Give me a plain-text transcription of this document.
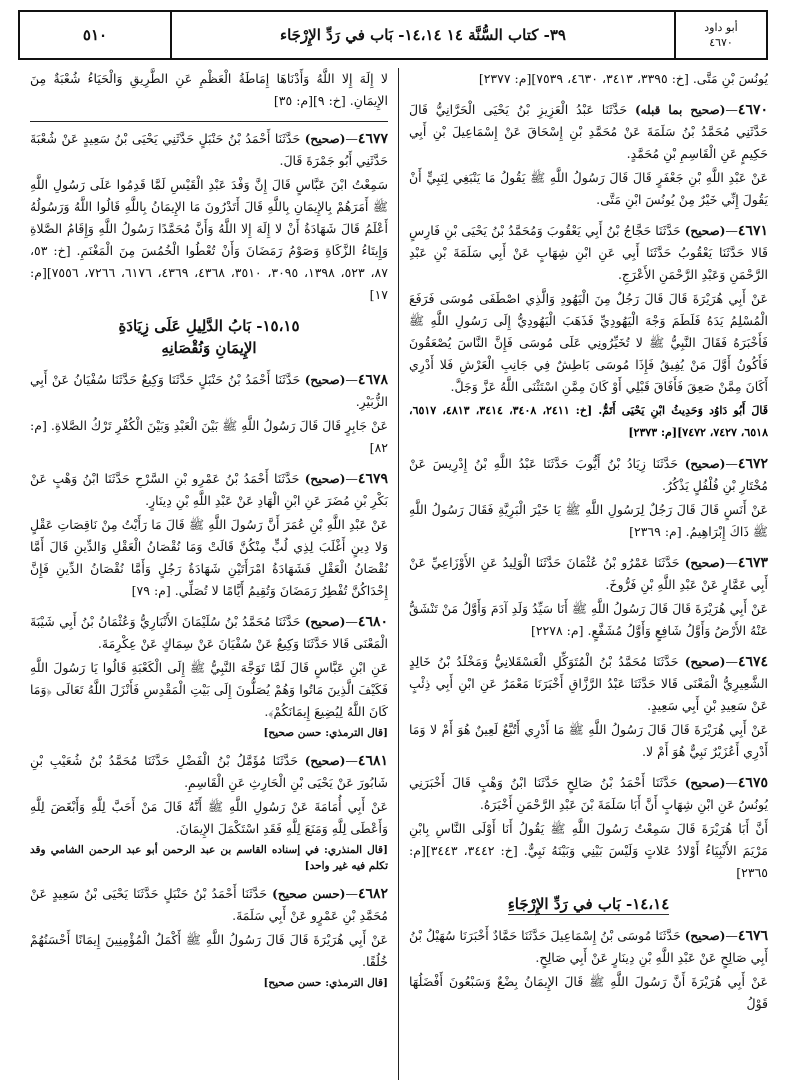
أبو داود
٤٦٧٠
٣٩- كتاب السُّنَّة ١٤ ١٤،١٤- بَاب في رَدِّ الإِرْجَاء
٥١٠

يُونُسَ بْنِ مَتَّى. [خ: ٣٣٩٥، ٣٤١٣، ٤٦٣٠، ٧٥٣٩][م: ٢٣٧٧]

٤٦٧٠—(صحيح بما قبله) حَدَّثَنَا عَبْدُ الْعَزِيزِ بْنُ يَحْيَى الْحَرَّانِيُّ قَالَ حَدَّثَنِي مُحَمَّدُ بْنُ سَلَمَةَ عَنْ مُحَمَّدِ بْنِ إِسْحَاقَ عَنْ إِسْمَاعِيلَ بْنِ أَبِي حَكِيمٍ عَنِ الْقَاسِمِ بْنِ مُحَمَّدٍ.

عَنْ عَبْدِ اللَّهِ بْنِ جَعْفَرٍ قَالَ قَالَ رَسُولُ اللَّهِ ﷺ يَقُولُ مَا يَنْبَغِي لِنَبِيٍّ أَنْ يَقُولَ إِنِّي خَيْرٌ مِنْ يُونُسَ ابْنِ مَتَّى.

٤٦٧١—(صحيح) حَدَّثَنَا حَجَّاجُ بْنُ أَبِي يَعْقُوبَ وَمُحَمَّدُ بْنُ يَحْيَى بْنِ فَارِسٍ قَالا حَدَّثَنَا يَعْقُوبُ حَدَّثَنَا أَبِي عَنِ ابْنِ شِهَابٍ عَنْ أَبِي سَلَمَةَ بْنِ عَبْدِ الرَّحْمَنِ وَعَبْدِ الرَّحْمَنِ الأَعْرَجِ.

عَنْ أَبِي هُرَيْرَةَ قَالَ قَالَ رَجُلٌ مِنَ الْيَهُودِ وَالَّذِي اصْطَفَى مُوسَى فَرَفَعَ الْمُسْلِمُ يَدَهُ فَلَطَمَ وَجْهَ الْيَهُودِيِّ فَذَهَبَ الْيَهُودِيُّ إِلَى رَسُولِ اللَّهِ ﷺ فَأَخْبَرَهُ فَقَالَ النَّبِيُّ ﷺ لا تُخَيِّرُونِي عَلَى مُوسَى فَإِنَّ النَّاسَ يُصْعَقُونَ فَأَكُونُ أَوَّلَ مَنْ يُفِيقُ فَإِذَا مُوسَى بَاطِشٌ فِي جَانِبِ الْعَرْشِ فَلا أَدْرِي أَكَانَ مِمَّنْ صَعِقَ فَأَفَاقَ قَبْلِي أَوْ كَانَ مِمَّنِ اسْتَثْنَى اللَّهُ عَزَّ وَجَلَّ.

قَالَ أَبُو دَاوُد وَحَدِيثُ ابْنِ يَحْيَى أَتَمُّ. [خ: ٢٤١١، ٣٤٠٨، ٣٤١٤، ٤٨١٣، ٦٥١٧، ٦٥١٨، ٧٤٢٧، ٧٤٧٢][م: ٢٣٧٣]

٤٦٧٢—(صحيح) حَدَّثَنَا زِيَادُ بْنُ أَيُّوبَ حَدَّثَنَا عَبْدُ اللَّهِ بْنُ إِدْرِيسَ عَنْ مُخْتَارِ بْنِ فُلْفُلٍ يَذْكُرُ.

عَنْ أَنَسٍ قَالَ قَالَ رَجُلٌ لِرَسُولِ اللَّهِ ﷺ يَا خَيْرَ الْبَرِيَّةِ فَقَالَ رَسُولُ اللَّهِ ﷺ ذَاكَ إِبْرَاهِيمُ. [م: ٢٣٦٩]

٤٦٧٣—(صحيح) حَدَّثَنَا عَمْرُو بْنُ عُثْمَانَ حَدَّثَنَا الْوَلِيدُ عَنِ الأَوْزَاعِيِّ عَنْ أَبِي عَمَّارٍ عَنْ عَبْدِ اللَّهِ بْنِ فَرُّوخَ.

عَنْ أَبِي هُرَيْرَةَ قَالَ قَالَ رَسُولُ اللَّهِ ﷺ أَنَا سَيِّدُ وَلَدِ آدَمَ وَأَوَّلُ مَنْ تَنْشَقُّ عَنْهُ الأَرْضُ وَأَوَّلُ شَافِعٍ وَأَوَّلُ مُشَفَّعٍ. [م: ٢٢٧٨]

٤٦٧٤—(صحيح) حَدَّثَنَا مُحَمَّدُ بْنُ الْمُتَوَكِّلِ الْعَسْقَلانِيُّ وَمَخْلَدُ بْنُ خَالِدٍ الشَّعِيرِيُّ الْمَعْنَى قَالا حَدَّثَنَا عَبْدُ الرَّزَّاقِ أَخْبَرَنَا مَعْمَرٌ عَنِ ابْنِ أَبِي ذِئْبٍ عَنْ سَعِيدِ بْنِ أَبِي سَعِيدٍ.

عَنْ أَبِي هُرَيْرَةَ قَالَ قَالَ رَسُولُ اللَّهِ ﷺ مَا أَدْرِي أَتُبَّعٌ لَعِينٌ هُوَ أَمْ لا وَمَا أَدْرِي أَعُزَيْرٌ نَبِيٌّ هُوَ أَمْ لا.

٤٦٧٥—(صحيح) حَدَّثَنَا أَحْمَدُ بْنُ صَالِحٍ حَدَّثَنَا ابْنُ وَهْبٍ قَالَ أَخْبَرَنِي يُونُسُ عَنِ ابْنِ شِهَابٍ أَنَّ أَبَا سَلَمَةَ بْنَ عَبْدِ الرَّحْمَنِ أَخْبَرَهُ.

أَنَّ أَبَا هُرَيْرَةَ قَالَ سَمِعْتُ رَسُولَ اللَّهِ ﷺ يَقُولُ أَنَا أَوْلَى النَّاسِ بِابْنِ مَرْيَمَ الأَنْبِيَاءُ أَوْلادُ عَلاتٍ وَلَيْسَ بَيْنِي وَبَيْنَهُ نَبِيٌّ. [خ: ٣٤٤٢، ٣٤٤٣][م: ٢٣٦٥]

١٤،١٤- بَاب في رَدِّ الإِرْجَاءِ

٤٦٧٦—(صحيح) حَدَّثَنَا مُوسَى بْنُ إِسْمَاعِيلَ حَدَّثَنَا حَمَّادٌ أَخْبَرَنَا سُهَيْلُ بْنُ أَبِي صَالِحٍ عَنْ عَبْدِ اللَّهِ بْنِ دِينَارٍ عَنْ أَبِي صَالِحٍ.

عَنْ أَبِي هُرَيْرَةَ أَنَّ رَسُولَ اللَّهِ ﷺ قَالَ الإِيمَانُ بِضْعٌ وَسَبْعُونَ أَفْضَلُهَا قَوْلُ

لا إِلَهَ إِلا اللَّهُ وَأَدْنَاهَا إِمَاطَةُ الْعَظْمِ عَنِ الطَّرِيقِ وَالْحَيَاءُ شُعْبَةٌ مِنَ الإِيمَانِ. [خ: ٩][م: ٣٥]

٤٦٧٧—(صحيح) حَدَّثَنَا أَحْمَدُ بْنُ حَنْبَلٍ حَدَّثَنِي يَحْيَى بْنُ سَعِيدٍ عَنْ شُعْبَةَ حَدَّثَنِي أَبُو جَمْرَةَ قَالَ.

سَمِعْتُ ابْنَ عَبَّاسٍ قَالَ إِنَّ وَفْدَ عَبْدِ الْقَيْسِ لَمَّا قَدِمُوا عَلَى رَسُولِ اللَّهِ ﷺ أَمَرَهُمْ بِالإِيمَانِ بِاللَّهِ قَالَ أَتَدْرُونَ مَا الإِيمَانُ بِاللَّهِ قَالُوا اللَّهُ وَرَسُولُهُ أَعْلَمُ قَالَ شَهَادَةُ أَنْ لا إِلَهَ إِلا اللَّهُ وَأَنَّ مُحَمَّدًا رَسُولُ اللَّهِ وَإِقَامُ الصَّلاةِ وَإِيتَاءُ الزَّكَاةِ وَصَوْمُ رَمَضَانَ وَأَنْ تُعْطُوا الْخُمُسَ مِنَ الْمَغْنَمِ. [خ: ٥٣، ٨٧، ٥٢٣، ١٣٩٨، ٣٠٩٥، ٣٥١٠، ٤٣٦٨، ٤٣٦٩، ٦١٧٦، ٧٢٦٦، ٧٥٥٦][م: ١٧]

١٥،١٥- بَابُ الدَّلِيلِ عَلَى زِيَادَةِ
الإِيمَانِ وَنُقْصَانِهِ

٤٦٧٨—(صحيح) حَدَّثَنَا أَحْمَدُ بْنُ حَنْبَلٍ حَدَّثَنَا وَكِيعٌ حَدَّثَنَا سُفْيَانُ عَنْ أَبِي الزُّبَيْرِ.

عَنْ جَابِرٍ قَالَ قَالَ رَسُولُ اللَّهِ ﷺ بَيْنَ الْعَبْدِ وَبَيْنَ الْكُفْرِ تَرْكُ الصَّلاةِ. [م: ٨٢]

٤٦٧٩—(صحيح) حَدَّثَنَا أَحْمَدُ بْنُ عَمْرِو بْنِ السَّرْحِ حَدَّثَنَا ابْنُ وَهْبٍ عَنْ بَكْرِ بْنِ مُضَرَ عَنِ ابْنِ الْهَادِ عَنْ عَبْدِ اللَّهِ بْنِ دِينَارٍ.

عَنْ عَبْدِ اللَّهِ بْنِ عُمَرَ أَنَّ رَسُولَ اللَّهِ ﷺ قَالَ مَا رَأَيْتُ مِنْ نَاقِصَاتِ عَقْلٍ وَلا دِينٍ أَغْلَبَ لِذِي لُبٍّ مِنْكُنَّ قَالَتْ وَمَا نُقْصَانُ الْعَقْلِ وَالدِّينِ قَالَ أَمَّا نُقْصَانُ الْعَقْلِ فَشَهَادَةُ امْرَأَتَيْنِ شَهَادَةُ رَجُلٍ وَأَمَّا نُقْصَانُ الدِّينِ فَإِنَّ إِحْدَاكُنَّ تُفْطِرُ رَمَضَانَ وَتُقِيمُ أَيَّامًا لا تُصَلِّي. [م: ٧٩]

٤٦٨٠—(صحيح) حَدَّثَنَا مُحَمَّدُ بْنُ سُلَيْمَانَ الأَنْبَارِيُّ وَعُثْمَانُ بْنُ أَبِي شَيْبَةَ الْمَعْنَى قَالا حَدَّثَنَا وَكِيعٌ عَنْ سُفْيَانَ عَنْ سِمَاكٍ عَنْ عِكْرِمَةَ.

عَنِ ابْنِ عَبَّاسٍ قَالَ لَمَّا تَوَجَّهَ النَّبِيُّ ﷺ إِلَى الْكَعْبَةِ قَالُوا يَا رَسُولَ اللَّهِ فَكَيْفَ الَّذِينَ مَاتُوا وَهُمْ يُصَلُّونَ إِلَى بَيْتِ الْمَقْدِسِ فَأَنْزَلَ اللَّهُ تَعَالَى ﴿وَمَا كَانَ اللَّهُ لِيُضِيعَ إِيمَانَكُمْ﴾.

[قال الترمذي: حسن صحيح]

٤٦٨١—(صحيح) حَدَّثَنَا مُؤَمَّلُ بْنُ الْفَضْلِ حَدَّثَنَا مُحَمَّدُ بْنُ شُعَيْبِ بْنِ شَابُورَ عَنْ يَحْيَى بْنِ الْحَارِثِ عَنِ الْقَاسِمِ.

عَنْ أَبِي أُمَامَةَ عَنْ رَسُولِ اللَّهِ ﷺ أَنَّهُ قَالَ مَنْ أَحَبَّ لِلَّهِ وَأَبْغَضَ لِلَّهِ وَأَعْطَى لِلَّهِ وَمَنَعَ لِلَّهِ فَقَدِ اسْتَكْمَلَ الإِيمَانَ.

[قال المنذري: في إسناده القاسم بن عبد الرحمن أبو عبد الرحمن الشامي وقد تكلم فيه غير واحد]

٤٦٨٢—(حسن صحيح) حَدَّثَنَا أَحْمَدُ بْنُ حَنْبَلٍ حَدَّثَنَا يَحْيَى بْنُ سَعِيدٍ عَنْ مُحَمَّدِ بْنِ عَمْرٍو عَنْ أَبِي سَلَمَةَ.

عَنْ أَبِي هُرَيْرَةَ قَالَ قَالَ رَسُولُ اللَّهِ ﷺ أَكْمَلُ الْمُؤْمِنِينَ إِيمَانًا أَحْسَنُهُمْ خُلُقًا.

[قال الترمذي: حسن صحيح]
